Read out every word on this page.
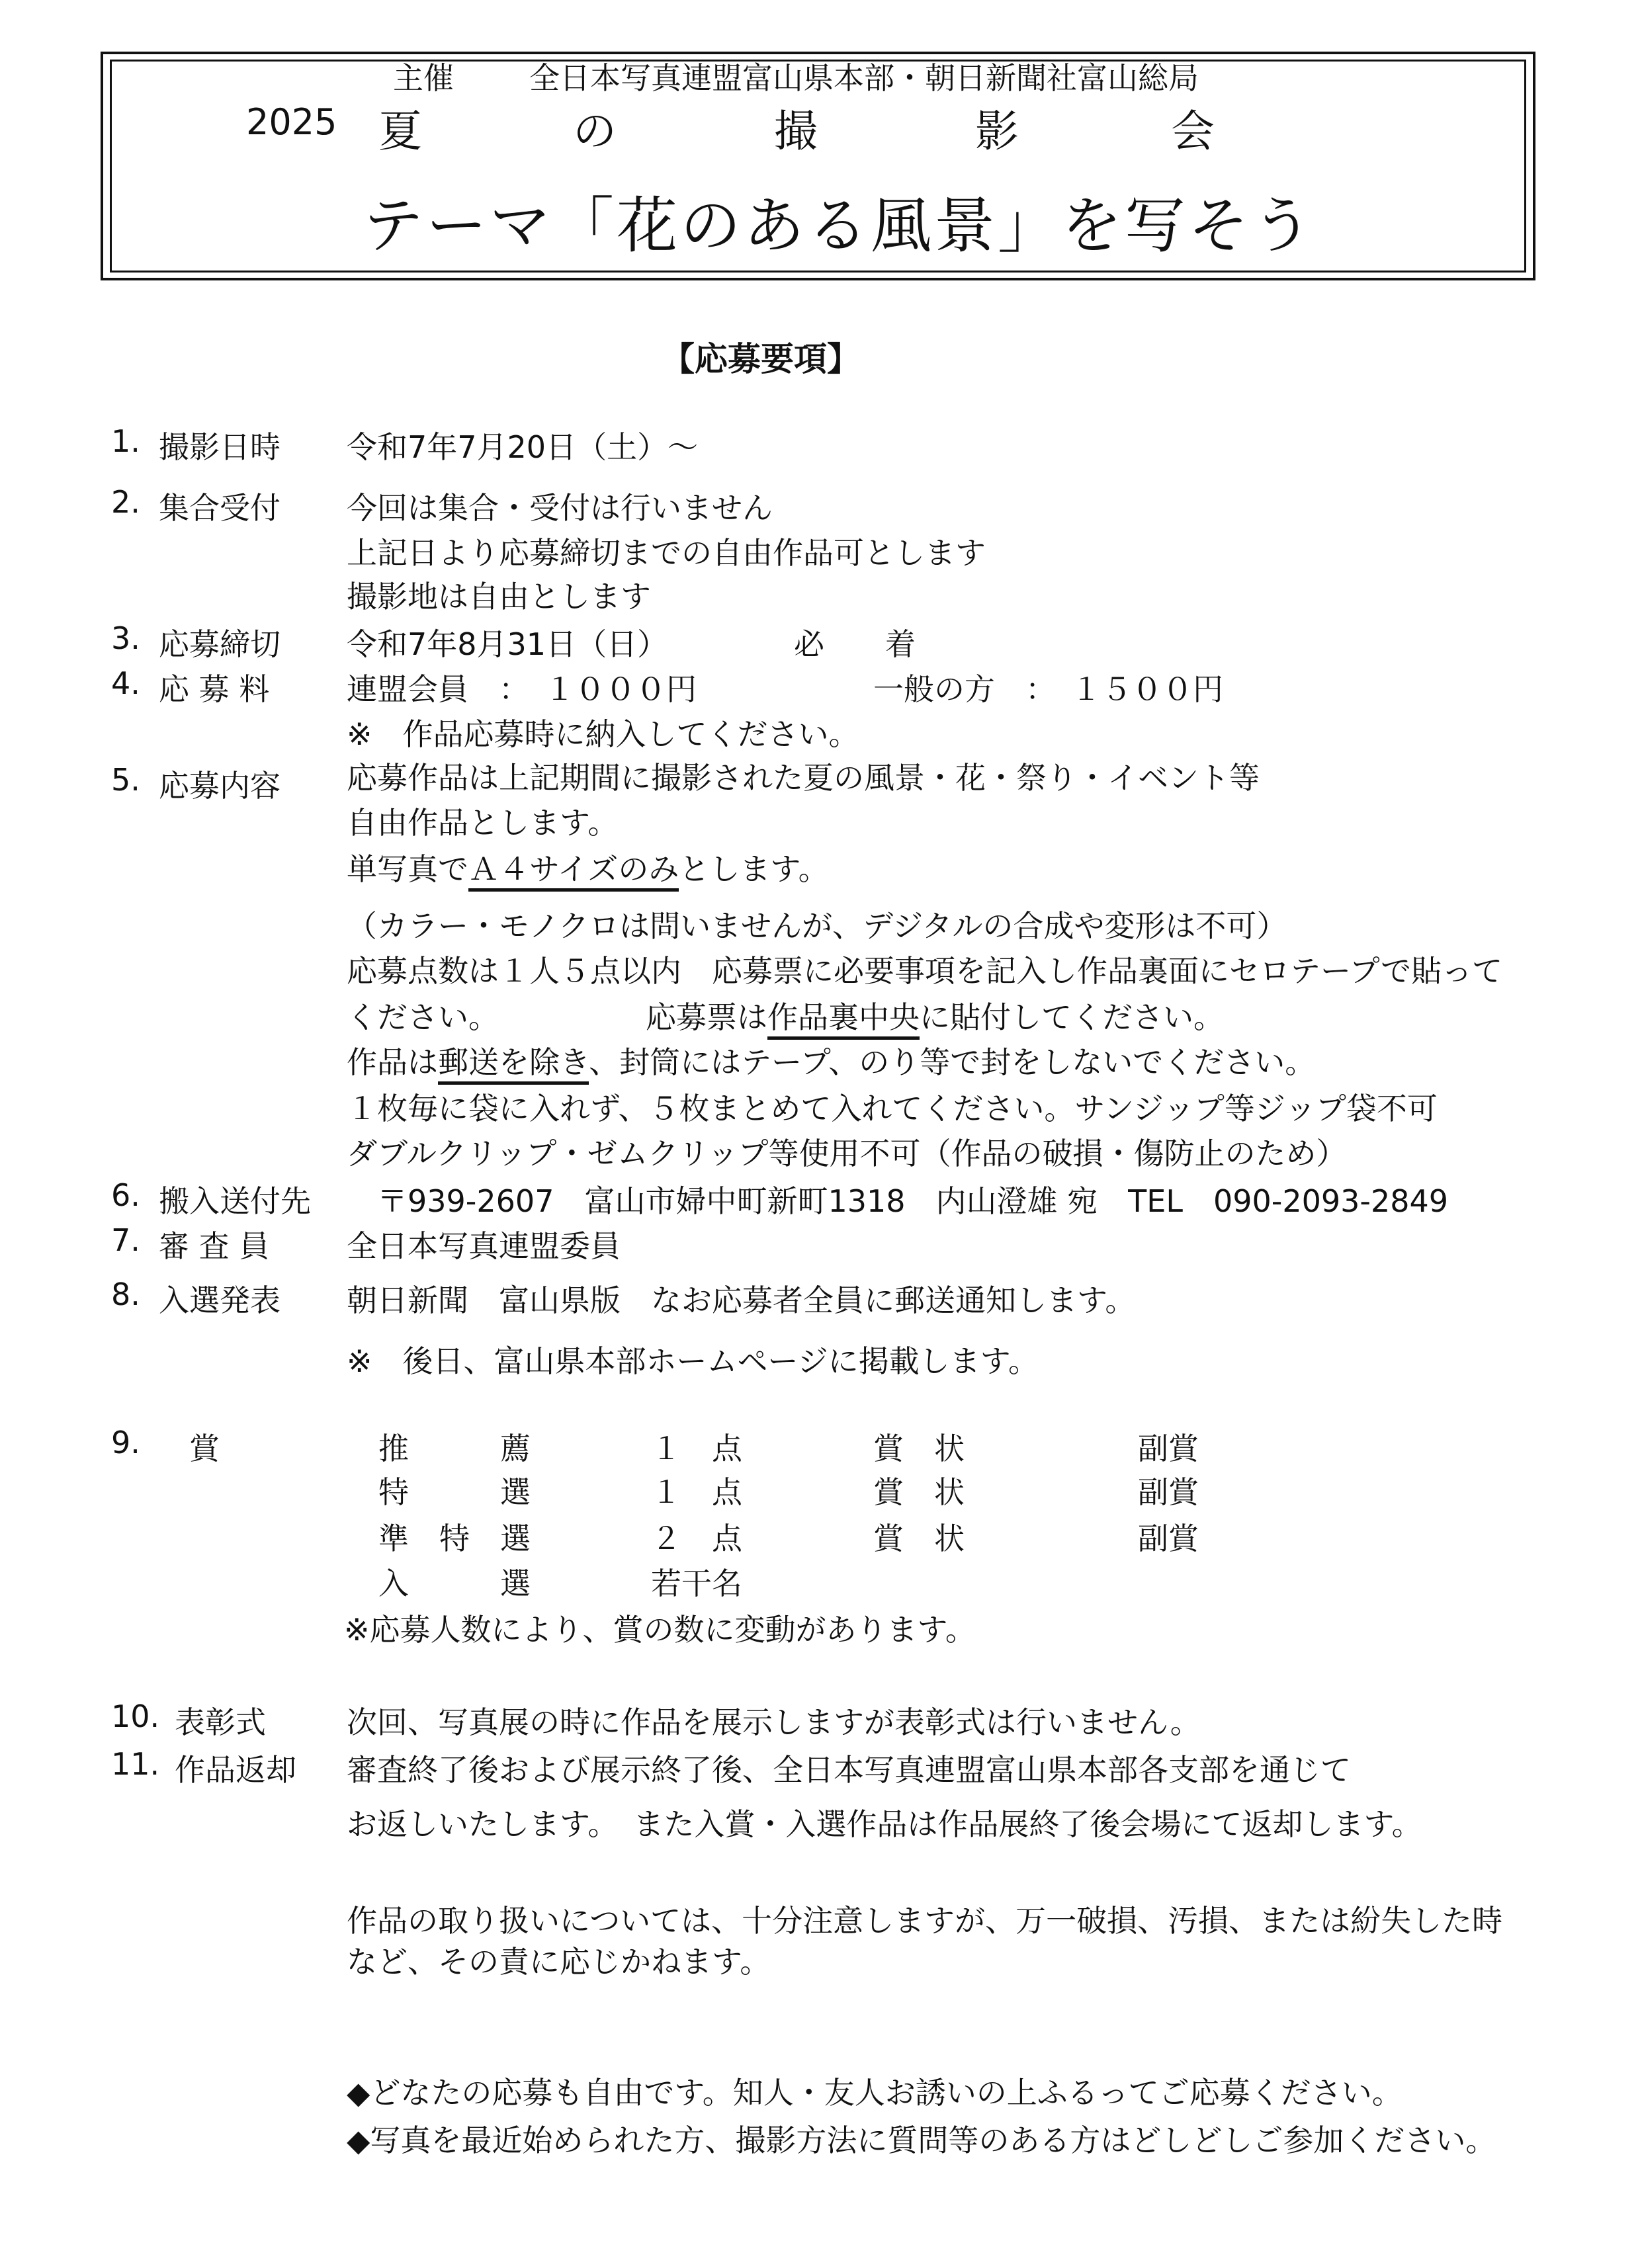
主催 全日本写真連盟富山県本部・朝日新聞社富山総局
2025 夏	の	撮	影	会
テーマ「花のある風景」を写そう
【応募要項】
1. 撮影日時 令和7年7月20日（土）～
2. 集合受付 今回は集合・受付は行いません
上記日より応募締切までの自由作品可とします
撮影地は自由とします
3. 応募締切 令和7年8月31日（日）	必　　着
4. 応 募 料	連盟会員　：　１０００円	一般の方　：　１５００円
※　作品応募時に納入してください。
5. 応募内容 応募作品は上記期間に撮影された夏の風景・花・祭り・イベント等
自由作品とします。
単写真でＡ４サイズのみとします。
（カラー・モノクロは問いませんが、デジタルの合成や変形は不可）
応募点数は１人５点以内　応募票に必要事項を記入し作品裏面にセロテープで貼って
ください。	応募票は作品裏中央に貼付してください。
作品は郵送を除き、封筒にはテープ、のり等で封をしないでください。
１枚毎に袋に入れず、５枚まとめて入れてください。サンジップ等ジップ袋不可
ダブルクリップ・ゼムクリップ等使用不可（作品の破損・傷防止のため）
6. 搬入送付先 〒939-2607　富山市婦中町新町1318　内山澄雄 宛　TEL　090-2093-2849
7. 審 査 員	全日本写真連盟委員
8. 入選発表 朝日新聞　富山県版　なお応募者全員に郵送通知します。
※　後日、富山県本部ホームページに掲載します。
9. 賞	推　　　薦	１　点	賞　状	副賞
特　　　選	１　点	賞　状	副賞
準　特　選	２　点	賞　状	副賞
入　　　選	若干名
※応募人数により、賞の数に変動があります。
10. 表彰式	次回、写真展の時に作品を展示しますが表彰式は行いません。
11. 作品返却 審査終了後および展示終了後、全日本写真連盟富山県本部各支部を通じて
お返しいたします。　また入賞・入選作品は作品展終了後会場にて返却します。
作品の取り扱いについては、十分注意しますが、万一破損、汚損、または紛失した時
など、その責に応じかねます。
◆どなたの応募も自由です。知人・友人お誘いの上ふるってご応募ください。
◆写真を最近始められた方、撮影方法に質問等のある方はどしどしご参加ください。
